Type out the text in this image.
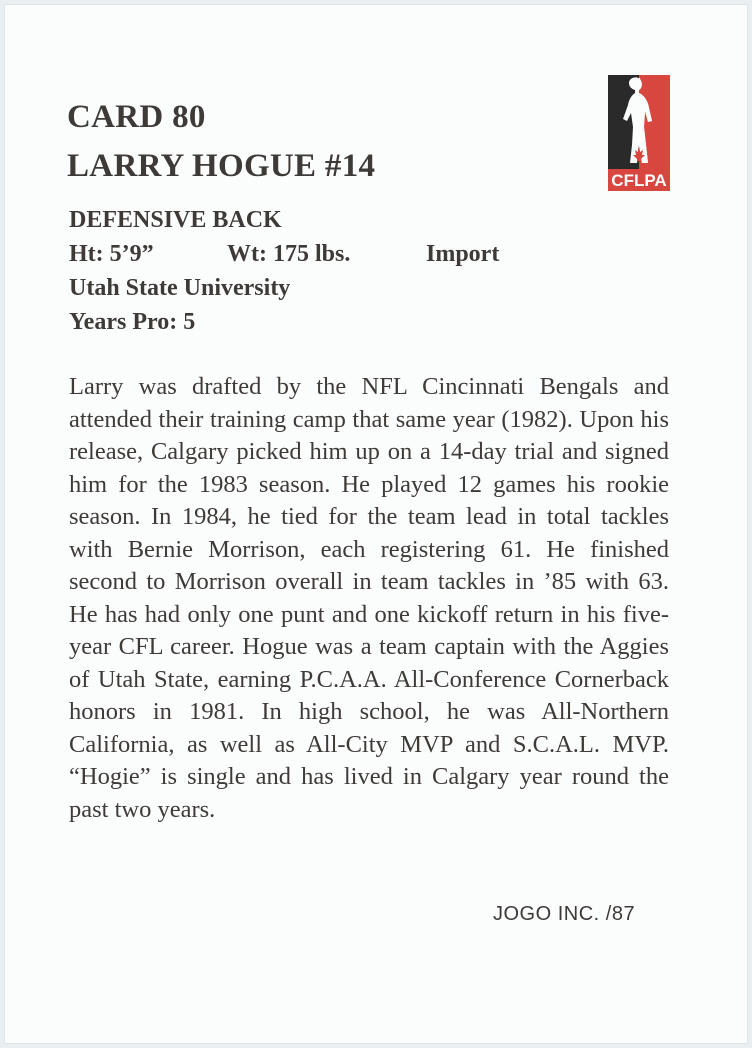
CARD 80
LARRY HOGUE #14	CFLPA
DEFENSIVE BACK
Ht: 5’9”	Wt: 175 lbs.	Import
Utah State University
Years Pro: 5
Larry was drafted by the NFL Cincinnati Bengals and attended their training camp that same year (1982). Upon his release, Calgary picked him up on a 14-day trial and signed him for the 1983 season. He played 12 games his rookie season. In 1984, he tied for the team lead in total tackles with Bernie Morrison, each registering 61. He finished second to Morrison overall in team tackles in ’85 with 63. He has had only one punt and one kickoff return in his five-year CFL career. Hogue was a team captain with the Aggies of Utah State, earning P.C.A.A. All-Conference Cornerback honors in 1981. In high school, he was All-Northern California, as well as All-City MVP and S.C.A.L. MVP. “Hogie” is single and has lived in Calgary year round the past two years.
JOGO INC. /87
